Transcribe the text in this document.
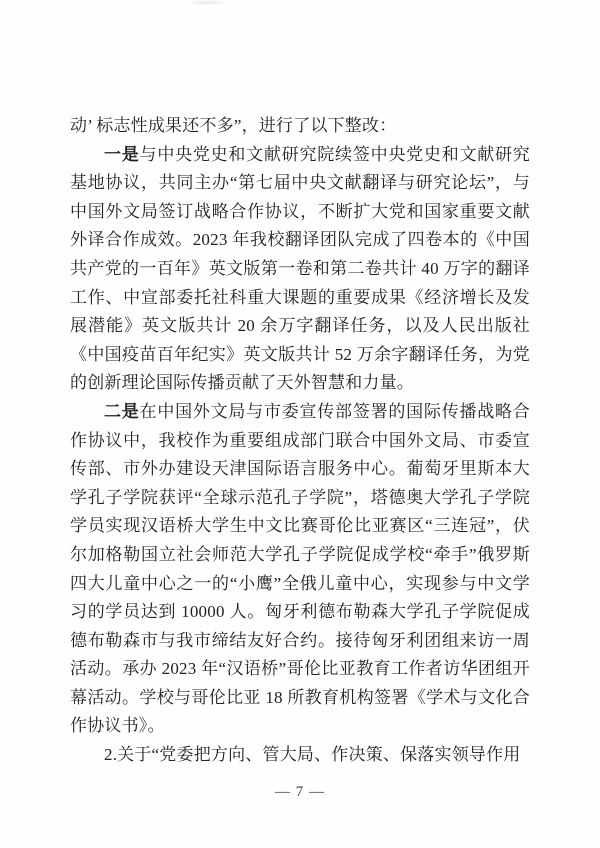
动’ 标志性成果还不多”，进行了以下整改：

一是与中央党史和文献研究院续签中央党史和文献研究基地协议，共同主办“第七届中央文献翻译与研究论坛”，与中国外文局签订战略合作协议，不断扩大党和国家重要文献外译合作成效。2023 年我校翻译团队完成了四卷本的《中国共产党的一百年》英文版第一卷和第二卷共计 40 万字的翻译工作、中宣部委托社科重大课题的重要成果《经济增长及发展潜能》英文版共计 20 余万字翻译任务，以及人民出版社《中国疫苗百年纪实》英文版共计 52 万余字翻译任务，为党的创新理论国际传播贡献了天外智慧和力量。

二是在中国外文局与市委宣传部签署的国际传播战略合作协议中，我校作为重要组成部门联合中国外文局、市委宣传部、市外办建设天津国际语言服务中心。葡萄牙里斯本大学孔子学院获评“全球示范孔子学院”，塔德奥大学孔子学院学员实现汉语桥大学生中文比赛哥伦比亚赛区“三连冠”，伏尔加格勒国立社会师范大学孔子学院促成学校“牵手”俄罗斯四大儿童中心之一的“小鹰”全俄儿童中心，实现参与中文学习的学员达到 10000 人。匈牙利德布勒森大学孔子学院促成德布勒森市与我市缔结友好合约。接待匈牙利团组来访一周活动。承办 2023 年“汉语桥”哥伦比亚教育工作者访华团组开幕活动。学校与哥伦比亚 18 所教育机构签署《学术与文化合作协议书》。

2.关于“党委把方向、管大局、作决策、保落实领导作用

— 7 —
